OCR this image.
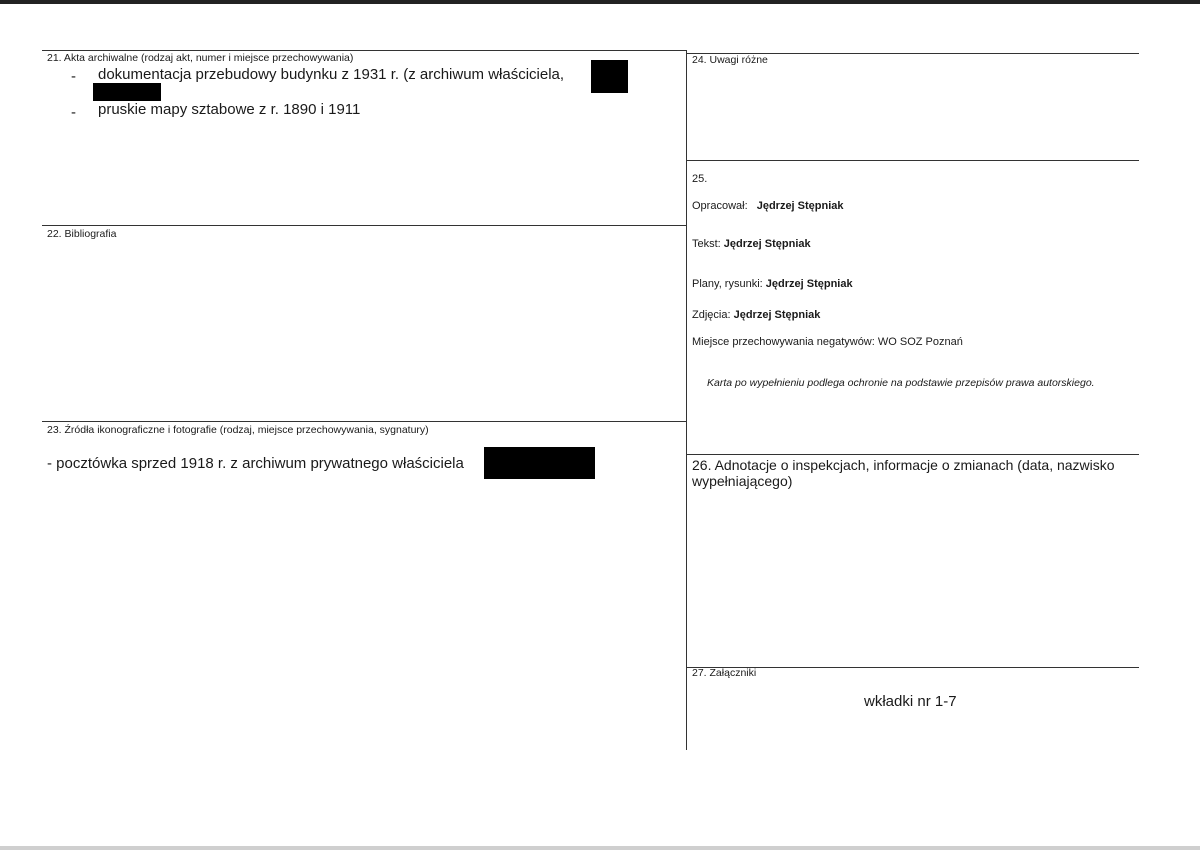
21. Akta archiwalne (rodzaj akt, numer i miejsce przechowywania)
- dokumentacja przebudowy budynku z 1931 r. (z archiwum właściciela,
- pruskie mapy sztabowe z r. 1890 i 1911
22. Bibliografia
23. Źródła ikonograficzne i fotografie (rodzaj, miejsce przechowywania, sygnatury)
- pocztówka sprzed 1918 r. z archiwum prywatnego właściciela
24. Uwagi różne
25.
Opracował: Jędrzej Stępniak
Tekst: Jędrzej Stępniak
Plany, rysunki: Jędrzej Stępniak
Zdjęcia: Jędrzej Stępniak
Miejsce przechowywania negatywów: WO SOZ Poznań
Karta po wypełnieniu podlega ochronie na podstawie przepisów prawa autorskiego.
26. Adnotacje o inspekcjach, informacje o zmianach (data, nazwisko
wypełniającego)
27. Załączniki
wkładki nr 1-7
